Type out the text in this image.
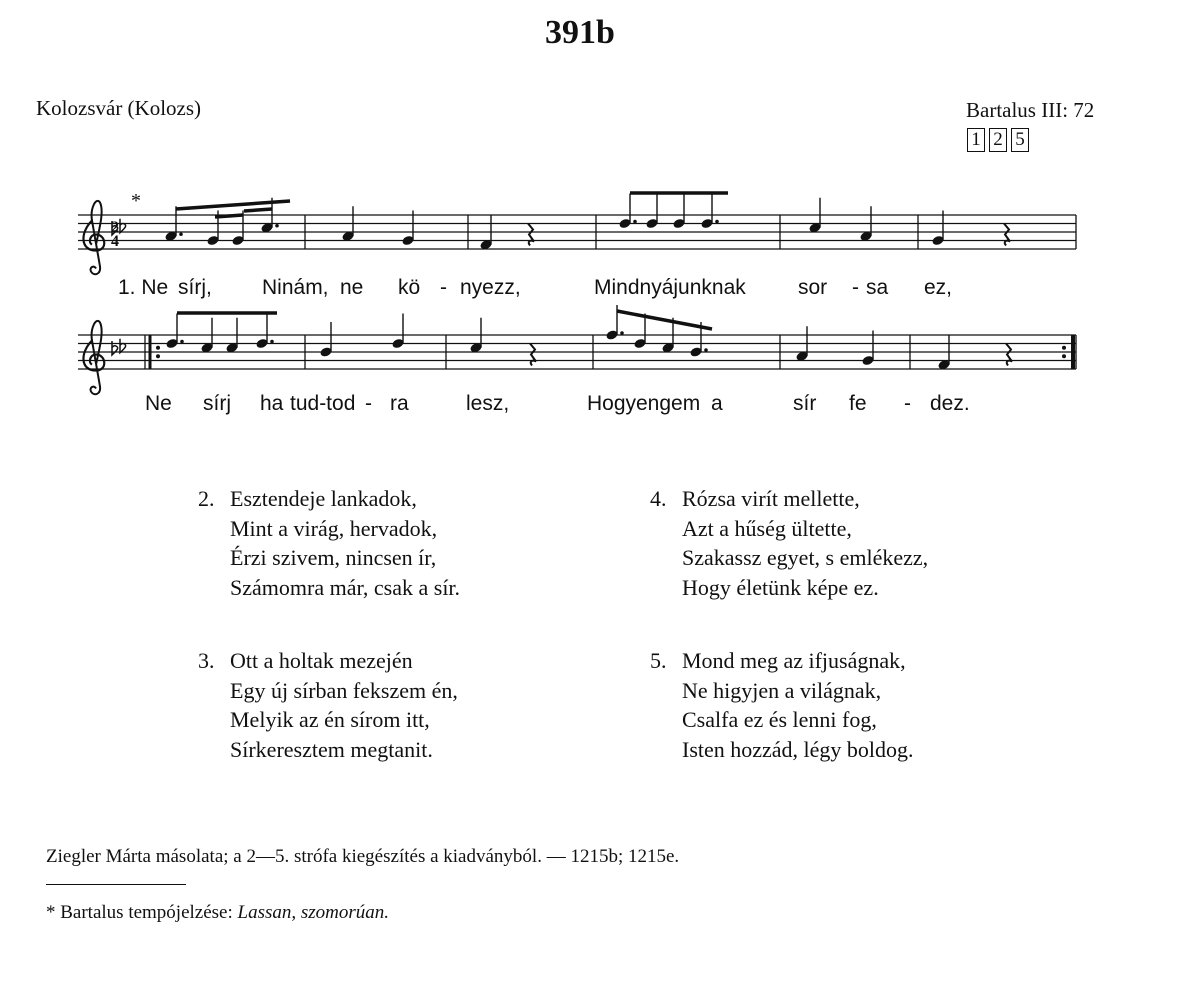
391b
Kolozsvár (Kolozs)	Bartalus III: 72
1 2 5
2
4
*
1. Ne sírj, Ninám, ne kö - nyezz,	Mindnyájunknak sor - sa ez,
Ne sírj ha tud-tod - ra	lesz,	Hogy engem a	sír fe - dez.
2. Esztendeje lankadok,
Mint a virág, hervadok,
Érzi szivem, nincsen ír,
Számomra már, csak a sír.
3. Ott a holtak mezején
Egy új sírban fekszem én,
Melyik az én sírom itt,
Sírkeresztem megtanit.
4. Rózsa virít mellette,
Azt a hűség ültette,
Szakassz egyet, s emlékezz,
Hogy életünk képe ez.
5. Mond meg az ifjuságnak,
Ne higyjen a világnak,
Csalfa ez és lenni fog,
Isten hozzád, légy boldog.
Ziegler Márta másolata; a 2—5. strófa kiegészítés a kiadványból. — 1215b; 1215e.
* Bartalus tempójelzése: Lassan, szomorúan.
